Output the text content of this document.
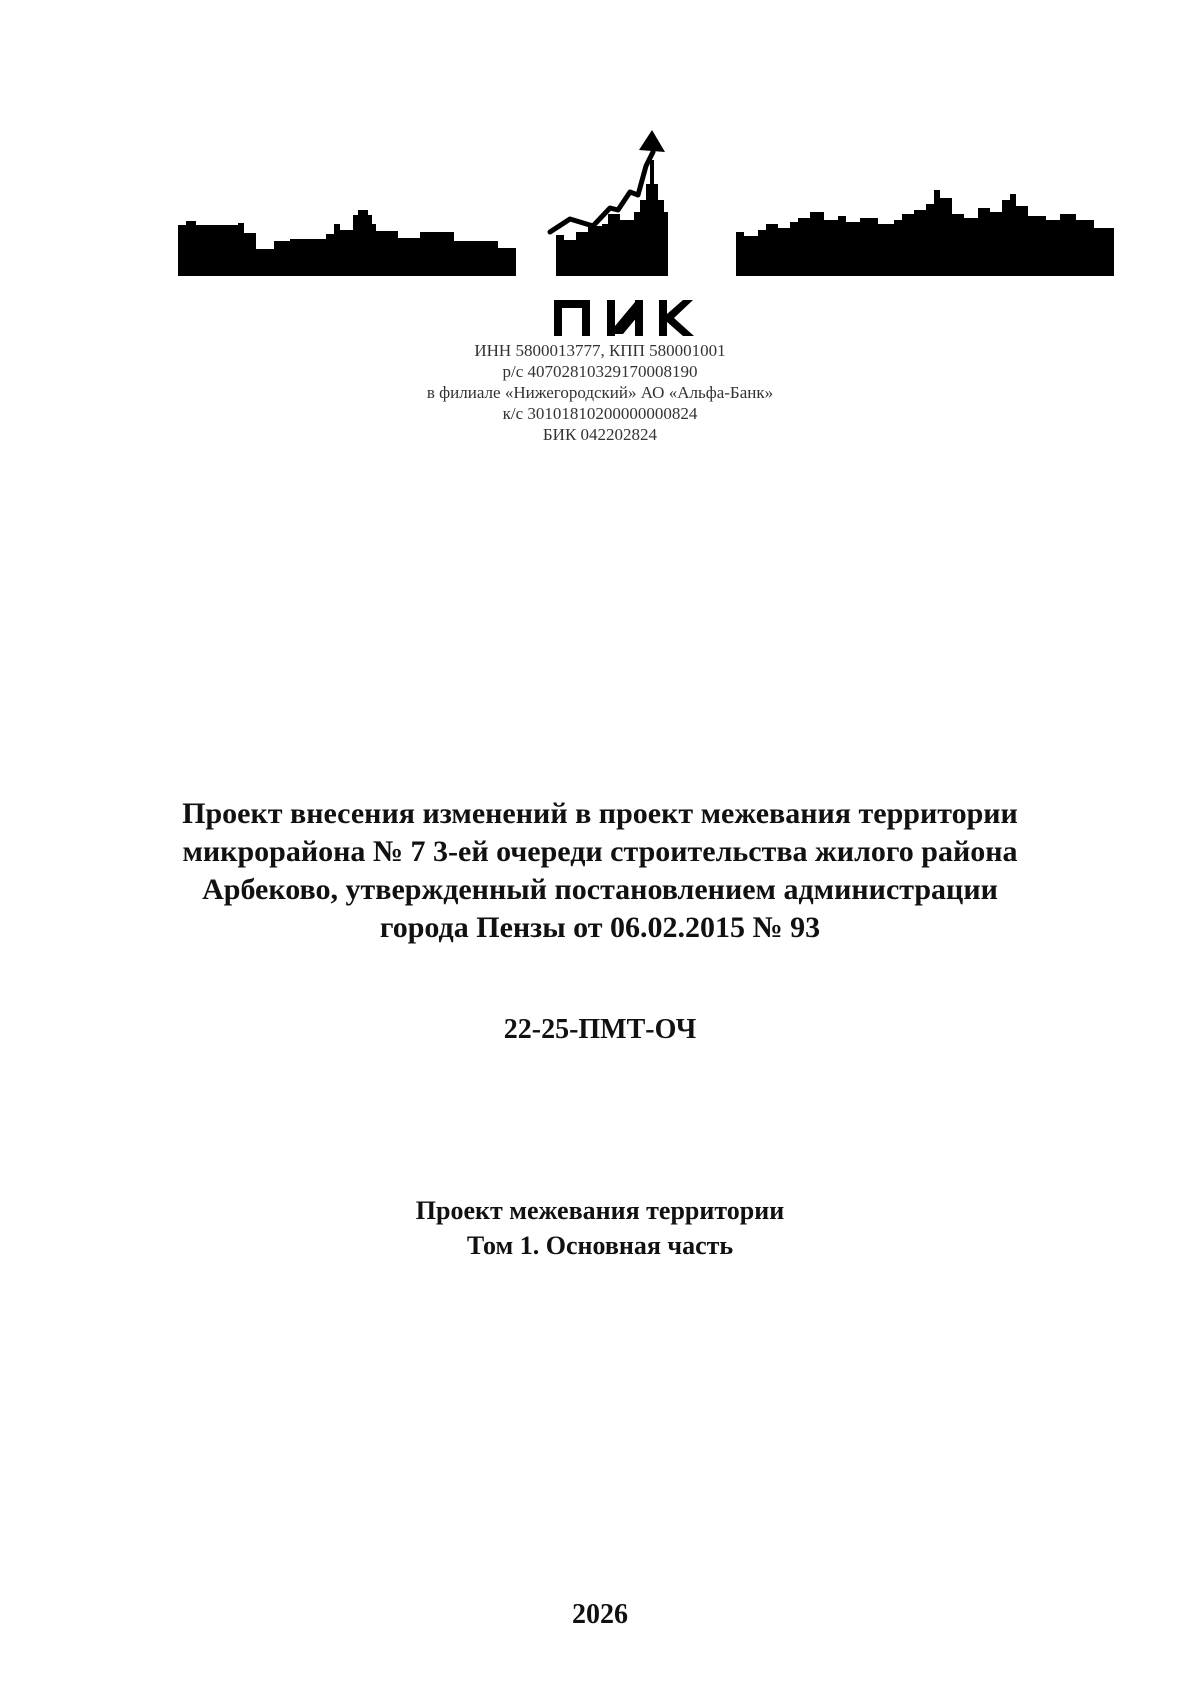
ИНН 5800013777, КПП 580001001
р/с 40702810329170008190
в филиале «Нижегородский» АО «Альфа-Банк»
к/с 30101810200000000824
БИК 042202824
Проект внесения изменений в проект межевания территории
микрорайона № 7 3-ей очереди строительства жилого района
Арбеково, утвержденный постановлением администрации
города Пензы от 06.02.2015 № 93
22-25-ПМТ-ОЧ
Проект межевания территории
Том 1. Основная часть
2026
